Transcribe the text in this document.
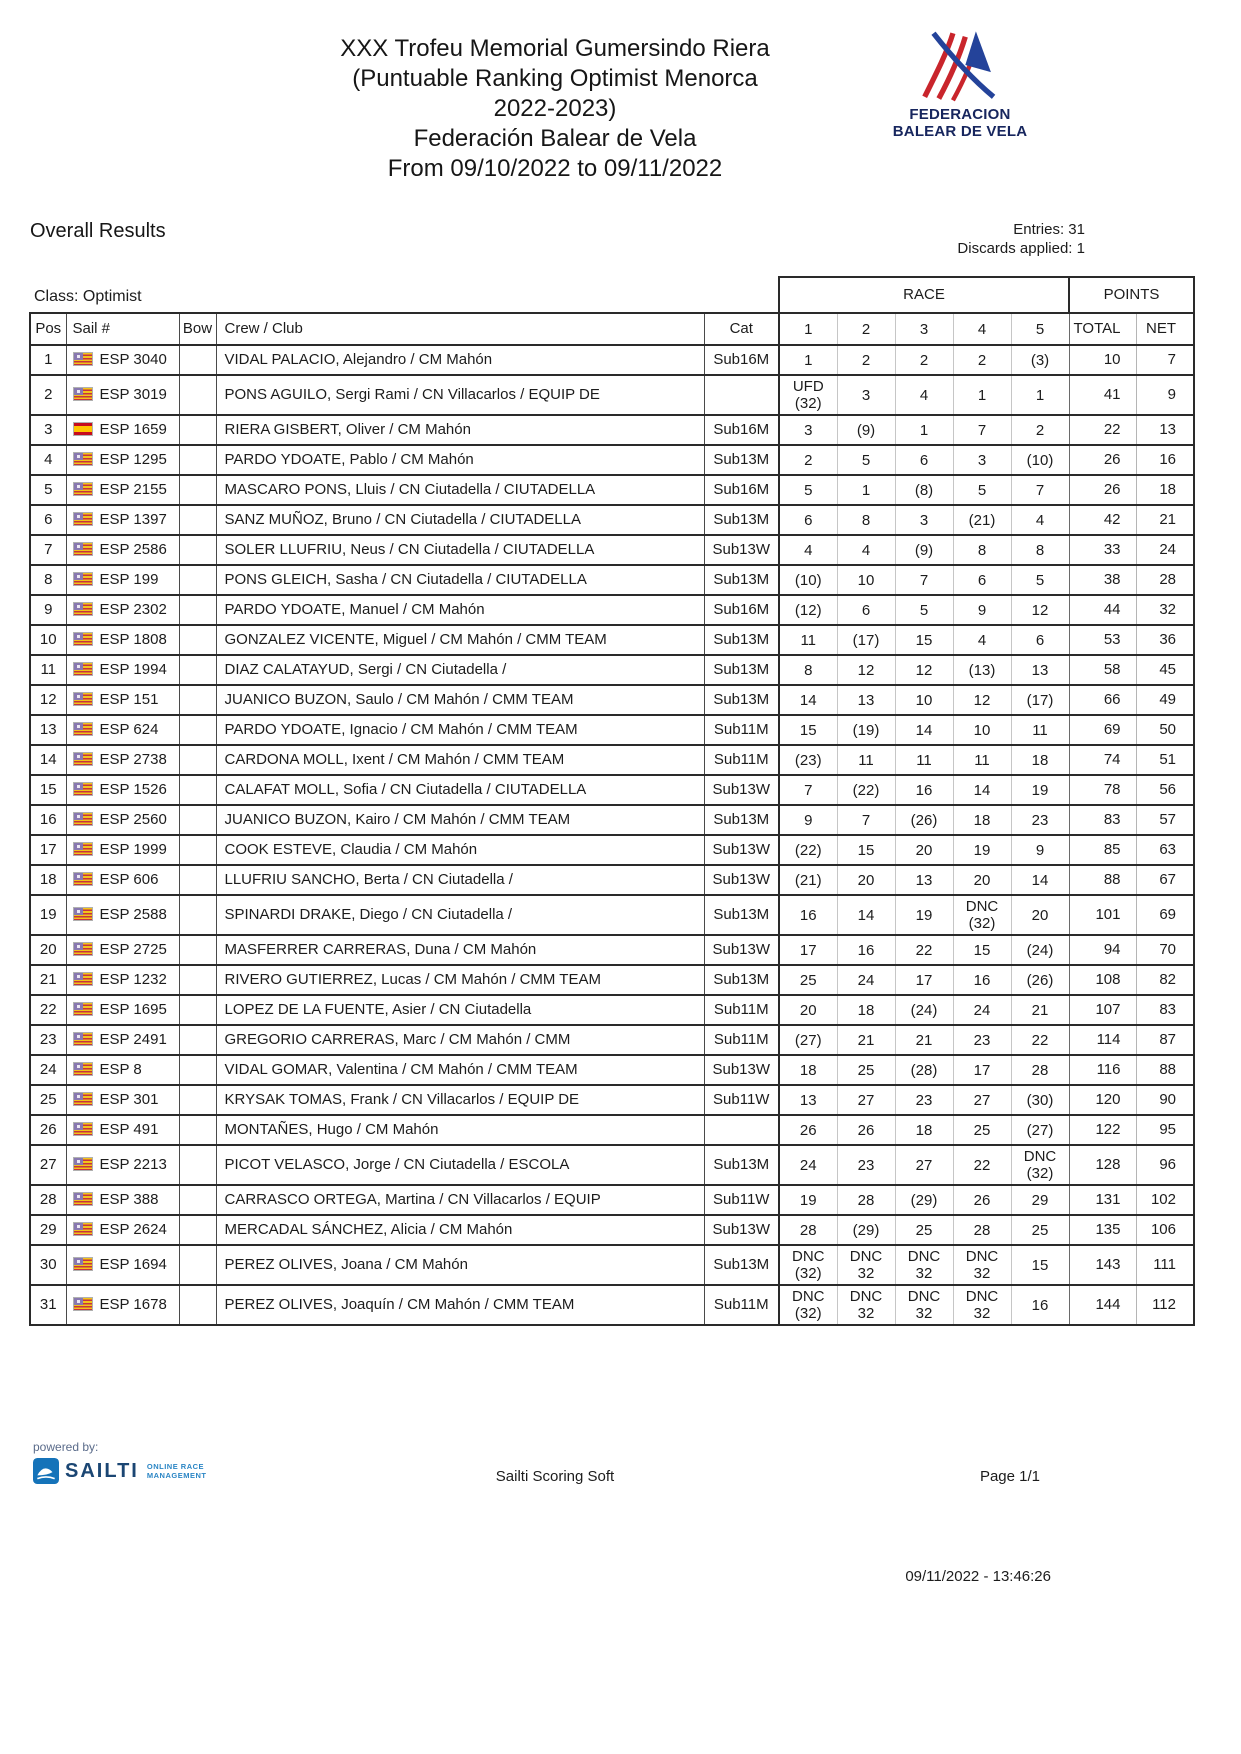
XXX Trofeu Memorial Gumersindo Riera
(Puntuable Ranking Optimist Menorca
2022-2023)
Federación Balear de Vela
From 09/10/2022 to 09/11/2022
FEDERACION
BALEAR DE VELA
Overall Results	Entries: 31
Discards applied: 1
Class: Optimist					RACE					POINTS	
Pos	Sail #	Bow	Crew / Club	Cat	1	2	3	4	5	TOTAL	NET
1	ESP 3040		VIDAL PALACIO, Alejandro / CM Mahón	Sub16M	1	2	2	2	(3)	10	7
2	ESP 3019		PONS AGUILO, Sergi Rami / CN Villacarlos / EQUIP DE		UFD (32)	3	4	1	1	41	9
3	ESP 1659		RIERA GISBERT, Oliver / CM Mahón	Sub16M	3	(9)	1	7	2	22	13
4	ESP 1295		PARDO YDOATE, Pablo / CM Mahón	Sub13M	2	5	6	3	(10)	26	16
5	ESP 2155		MASCARO PONS, Lluis / CN Ciutadella / CIUTADELLA	Sub16M	5	1	(8)	5	7	26	18
6	ESP 1397		SANZ MUÑOZ, Bruno / CN Ciutadella / CIUTADELLA	Sub13M	6	8	3	(21)	4	42	21
7	ESP 2586		SOLER LLUFRIU, Neus / CN Ciutadella / CIUTADELLA	Sub13W	4	4	(9)	8	8	33	24
8	ESP 199		PONS GLEICH, Sasha / CN Ciutadella / CIUTADELLA	Sub13M	(10)	10	7	6	5	38	28
9	ESP 2302		PARDO YDOATE, Manuel / CM Mahón	Sub16M	(12)	6	5	9	12	44	32
10	ESP 1808		GONZALEZ VICENTE, Miguel / CM Mahón / CMM TEAM	Sub13M	11	(17)	15	4	6	53	36
11	ESP 1994		DIAZ CALATAYUD, Sergi / CN Ciutadella /	Sub13M	8	12	12	(13)	13	58	45
12	ESP 151		JUANICO BUZON, Saulo / CM Mahón / CMM TEAM	Sub13M	14	13	10	12	(17)	66	49
13	ESP 624		PARDO YDOATE, Ignacio / CM Mahón / CMM TEAM	Sub11M	15	(19)	14	10	11	69	50
14	ESP 2738		CARDONA MOLL, Ixent / CM Mahón / CMM TEAM	Sub11M	(23)	11	11	11	18	74	51
15	ESP 1526		CALAFAT MOLL, Sofia / CN Ciutadella / CIUTADELLA	Sub13W	7	(22)	16	14	19	78	56
16	ESP 2560		JUANICO BUZON, Kairo / CM Mahón / CMM TEAM	Sub13M	9	7	(26)	18	23	83	57
17	ESP 1999		COOK ESTEVE, Claudia / CM Mahón	Sub13W	(22)	15	20	19	9	85	63
18	ESP 606		LLUFRIU SANCHO, Berta / CN Ciutadella /	Sub13W	(21)	20	13	20	14	88	67
19	ESP 2588		SPINARDI DRAKE, Diego / CN Ciutadella /	Sub13M	16	14	19	DNC (32)	20	101	69
20	ESP 2725		MASFERRER CARRERAS, Duna / CM Mahón	Sub13W	17	16	22	15	(24)	94	70
21	ESP 1232		RIVERO GUTIERREZ, Lucas / CM Mahón / CMM TEAM	Sub13M	25	24	17	16	(26)	108	82
22	ESP 1695		LOPEZ DE LA FUENTE, Asier / CN Ciutadella	Sub11M	20	18	(24)	24	21	107	83
23	ESP 2491		GREGORIO CARRERAS, Marc / CM Mahón / CMM	Sub11M	(27)	21	21	23	22	114	87
24	ESP 8		VIDAL GOMAR, Valentina / CM Mahón / CMM TEAM	Sub13W	18	25	(28)	17	28	116	88
25	ESP 301		KRYSAK TOMAS, Frank / CN Villacarlos / EQUIP DE	Sub11W	13	27	23	27	(30)	120	90
26	ESP 491		MONTAÑES, Hugo / CM Mahón		26	26	18	25	(27)	122	95
27	ESP 2213		PICOT VELASCO, Jorge / CN Ciutadella / ESCOLA	Sub13M	24	23	27	22	DNC (32)	128	96
28	ESP 388		CARRASCO ORTEGA, Martina / CN Villacarlos / EQUIP	Sub11W	19	28	(29)	26	29	131	102
29	ESP 2624		MERCADAL SÁNCHEZ, Alicia / CM Mahón	Sub13W	28	(29)	25	28	25	135	106
30	ESP 1694		PEREZ OLIVES, Joana / CM Mahón	Sub13M	DNC (32)	DNC 32	DNC 32	DNC 32	15	143	111
31	ESP 1678		PEREZ OLIVES, Joaquín / CM Mahón / CMM TEAM	Sub11M	DNC (32)	DNC 32	DNC 32	DNC 32	16	144	112
powered by:
SAILTI ONLINE RACE
MANAGEMENT	Sailti Scoring Soft	Page 1/1
09/11/2022 - 13:46:26
